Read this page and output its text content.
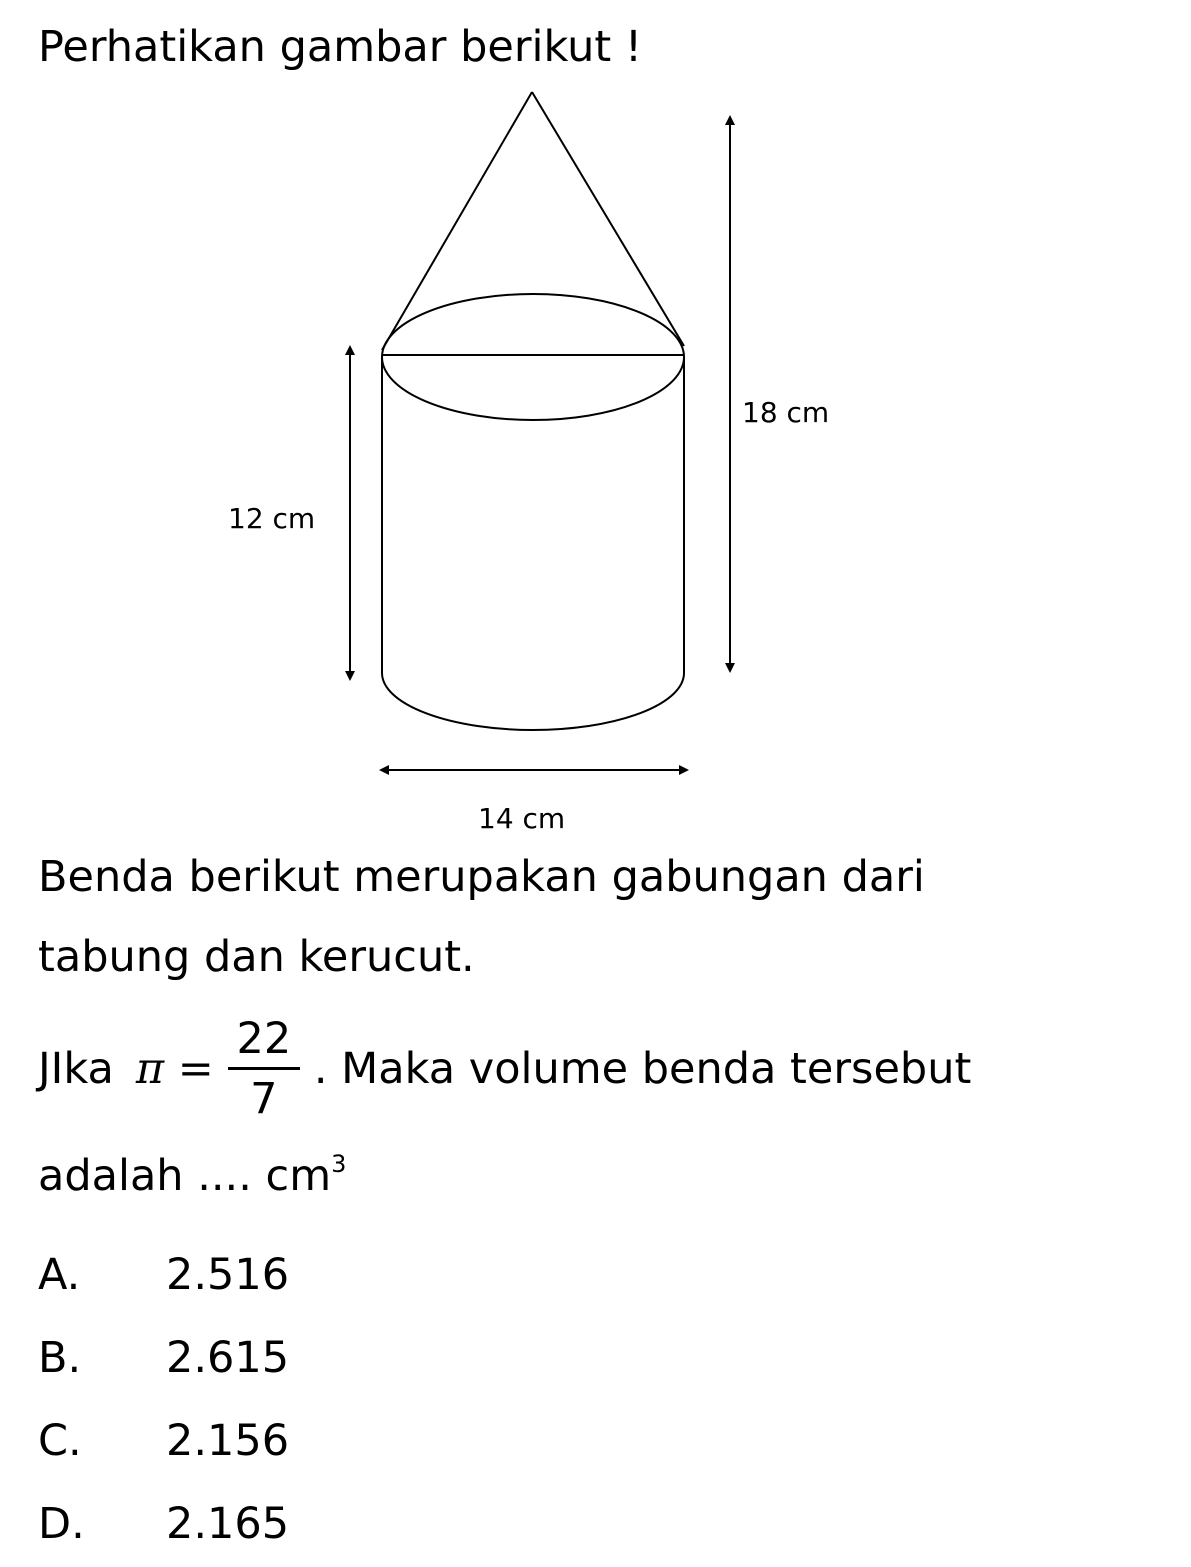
Perhatikan gambar berikut !
12 cm
18 cm
14 cm
Benda berikut merupakan gabungan dari
tabung dan kerucut.
JIka $\pi = \frac{22}{7}$ . Maka volume benda tersebut
adalah .... $cm^3$
A. 2.516
B. 2.615
C. 2.156
D. 2.165
